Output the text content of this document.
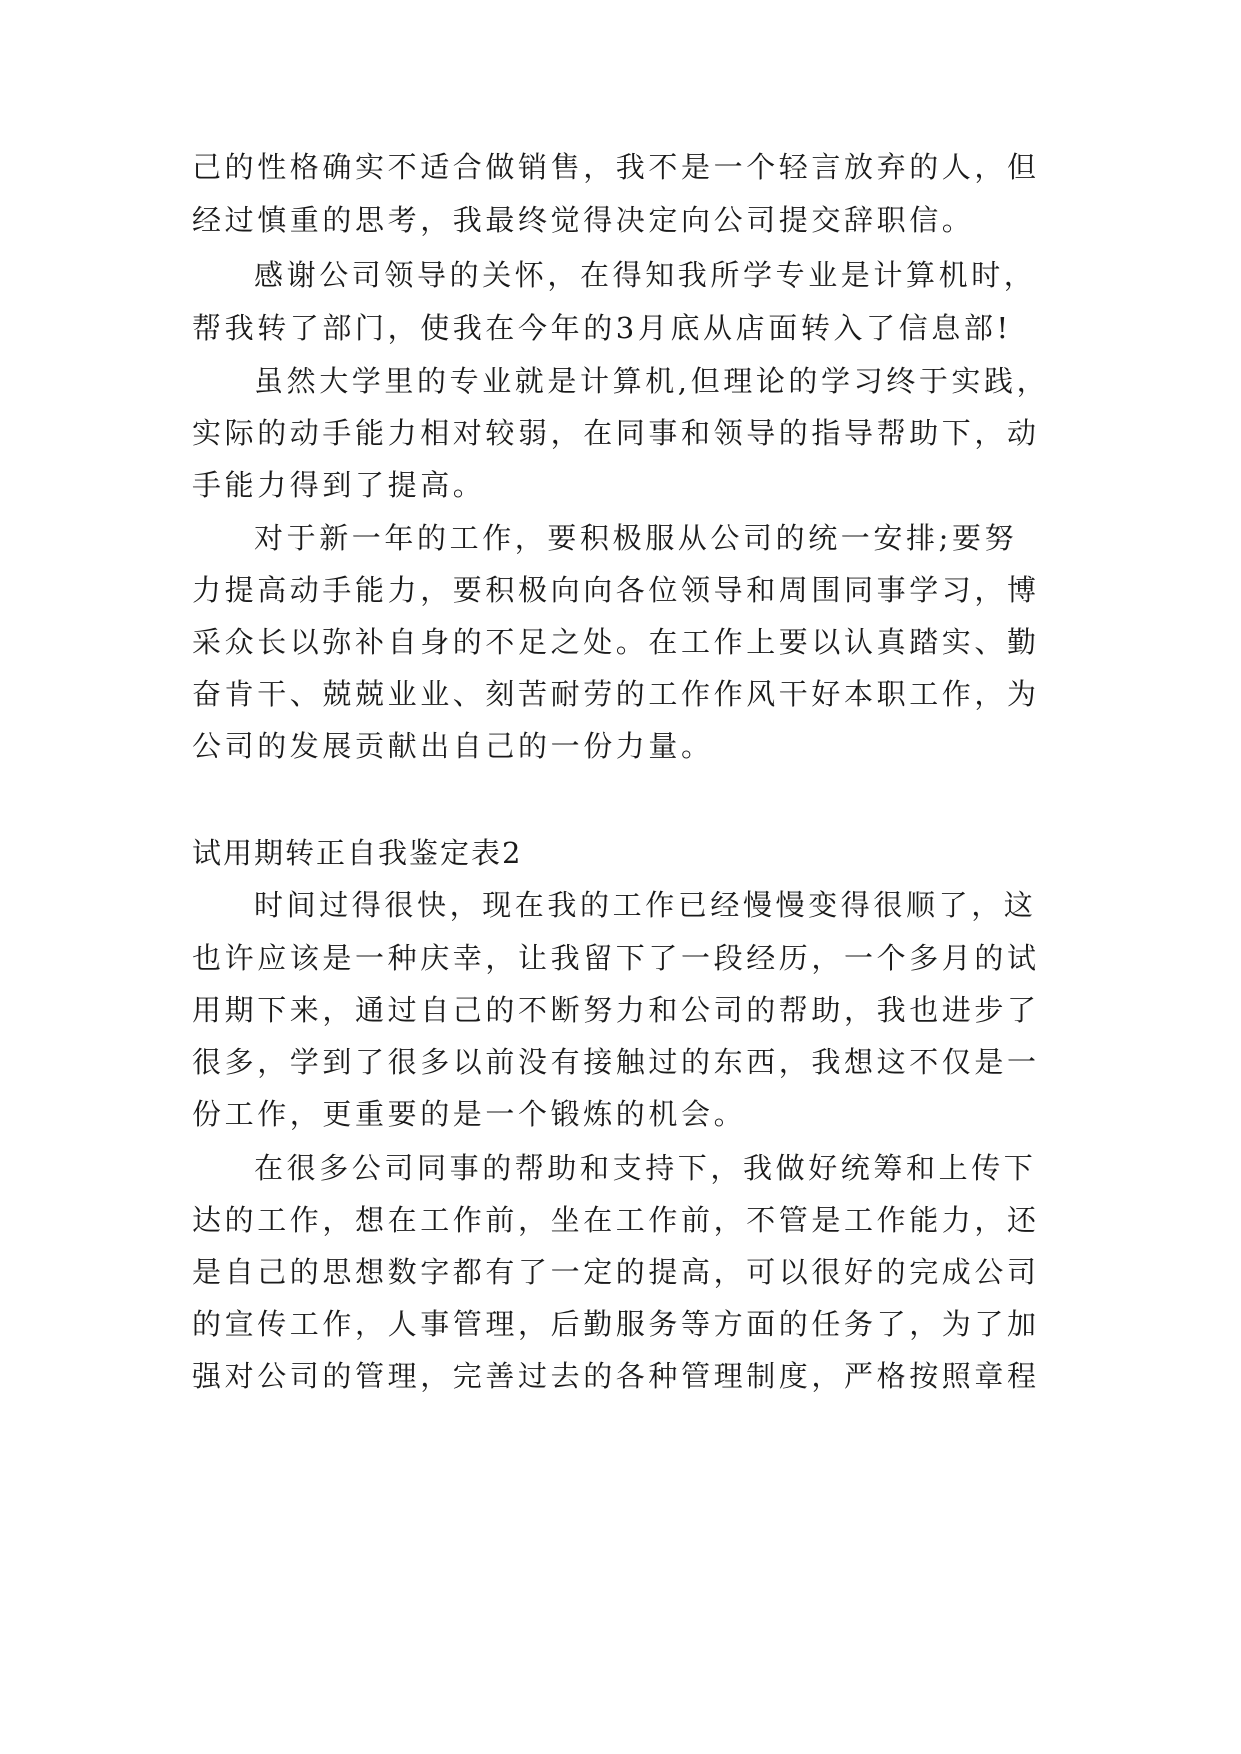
己的性格确实不适合做销售，我不是一个轻言放弃的人，但
经过慎重的思考，我最终觉得决定向公司提交辞职信。
感谢公司领导的关怀，在得知我所学专业是计算机时，
帮我转了部门，使我在今年的3月底从店面转入了信息部!
虽然大学里的专业就是计算机,但理论的学习终于实践，
实际的动手能力相对较弱，在同事和领导的指导帮助下，动
手能力得到了提高。
对于新一年的工作，要积极服从公司的统一安排;要努
力提高动手能力，要积极向向各位领导和周围同事学习，博
采众长以弥补自身的不足之处。在工作上要以认真踏实、勤
奋肯干、兢兢业业、刻苦耐劳的工作作风干好本职工作，为
公司的发展贡献出自己的一份力量。
试用期转正自我鉴定表2
时间过得很快，现在我的工作已经慢慢变得很顺了，这
也许应该是一种庆幸，让我留下了一段经历，一个多月的试
用期下来，通过自己的不断努力和公司的帮助，我也进步了
很多，学到了很多以前没有接触过的东西，我想这不仅是一
份工作，更重要的是一个锻炼的机会。
在很多公司同事的帮助和支持下，我做好统筹和上传下
达的工作，想在工作前，坐在工作前，不管是工作能力，还
是自己的思想数字都有了一定的提高，可以很好的完成公司
的宣传工作，人事管理，后勤服务等方面的任务了，为了加
强对公司的管理，完善过去的各种管理制度，严格按照章程
